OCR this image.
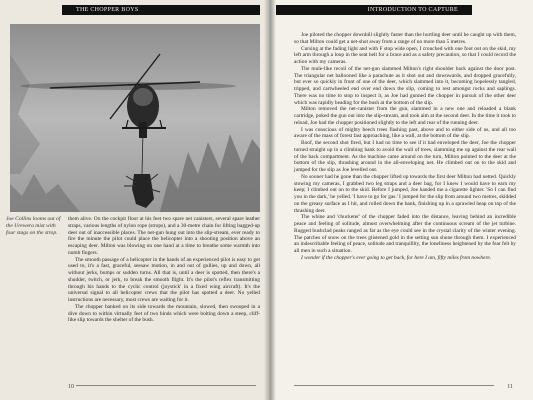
THE CHOPPER BOYS
Joe Collins looms out of the Urewera mist with four stags on the strop.

them alive. On the cockpit floor at his feet two spare net canisters, several spare leather straps, various lengths of nylon rope (strops), and a 30-metre chain for lifting bagged-up deer out of inaccessible places. The net-gun hung out into the slip-stream, ever ready to fire the minute the pilot could place the helicopter into a shooting position above an escaping deer. Milton was blowing on one hand at a time to breathe some warmth into numb fingers.

The smooth passage of a helicopter in the hands of an experienced pilot is easy to get used to, it's a fast, graceful, seesaw motion, in and out of gullies, up and down, all without jerks, bumps or sudden turns. All that is, until a deer is spotted, then there's a shudder, twitch, or jerk, to break the smooth flight. It's the pilot's reflex transmitting through his hands to the cyclic control (joystick' in a fixed wing aircraft). It's the universal signal to all helicopter crews that the pilot has spotted a deer. No yelled instructions are necessary, most crews are waiting for it.

The chopper banked on its side towards the mountain, slowed, then swooped in a dive down to within virtually feet of two hinds which were bolting down a steep, cliff-like slip towards the shelter of the bush.

10
INTRODUCTION TO CAPTURE

Joe piloted the chopper downhill slightly faster than the hurtling deer until he caught up with them, so that Milton could get a net-shot away from a range of no more than 5 metres.

Cursing at the fading light and with F stop wide open, I crouched with one foot out on the skid, my left arm through a loop in the seat belt for a brace and as a safety precaution, so that I could record the action with my cameras.

The mule-like recoil of the net-gun slammed Milton's right shoulder back against the door post. The triangular net ballooned like a parachute as it shot out and downwards, and dropped gracefully, but ever so quickly in front of one of the deer, which slammed into it, becoming hopelessly tangled, tripped, and cartwheeled end over end down the slip, coming to rest amongst rocks and saplings. There was no time to stop to inspect it, as Joe had gunned the chopper in pursuit of the other deer which was rapidly heading for the bush at the bottom of the slip.

Milton removed the net-canister from the gun, slammed in a new one and reloaded a blank cartridge, poked the gun out into the slip-stream, and took aim at the second deer. In the time it took to reload, Joe had the chopper positioned slightly to the left and rear of the running deer.

I was conscious of mighty beech trees flashing past, above and to either side of us, and all too aware of the mass of forest fast approaching, like a wall, at the bottom of the slip.

Boof, the second shot fired, but I had no time to see if it had enveloped the deer, Joe the chopper turned straight up in a climbing bank to avoid the wall of trees, slamming me up against the rear wall of the back compartment. As the machine came around on the turn, Milton pointed to the deer at the bottom of the slip, thrashing around in the all-enveloping net. He climbed out on to the skid and jumped for the slip as Joe levelled out.

No sooner had he gone than the chopper lifted up towards the first deer Milton had netted. Quickly stowing my cameras, I grabbed two leg straps and a deer bag, for I knew I would have to earn my keep; I climbed out on to the skid. Before I jumped, Joe handed me a cigarette lighter. 'So I can find you in the dark,' he yelled. 'I have to go for gas.' I jumped for the slip from around two metres, skidded on the greasy surface as I hit, and rolled down the bank, finishing up in a sprawled heap on top of the thrashing deer.

The whine and 'chucketer' of the chopper faded into the distance, leaving behind an incredible peace and feeling of solitude, almost overwhelming after the continuous scream of the jet turbine. Rugged bushclad peaks ranged as far as the eye could see in the crystal clarity of the winter evening. The patches of snow on the trees glistened gold in the setting sun shone through them. I experienced an indescribable feeling of peace, solitude and tranquillity, the loneliness heightened by the fear felt by all men in such a situation.

I wonder if the chopper's ever going to get back, for here I am, fifty miles from nowhere.

11
